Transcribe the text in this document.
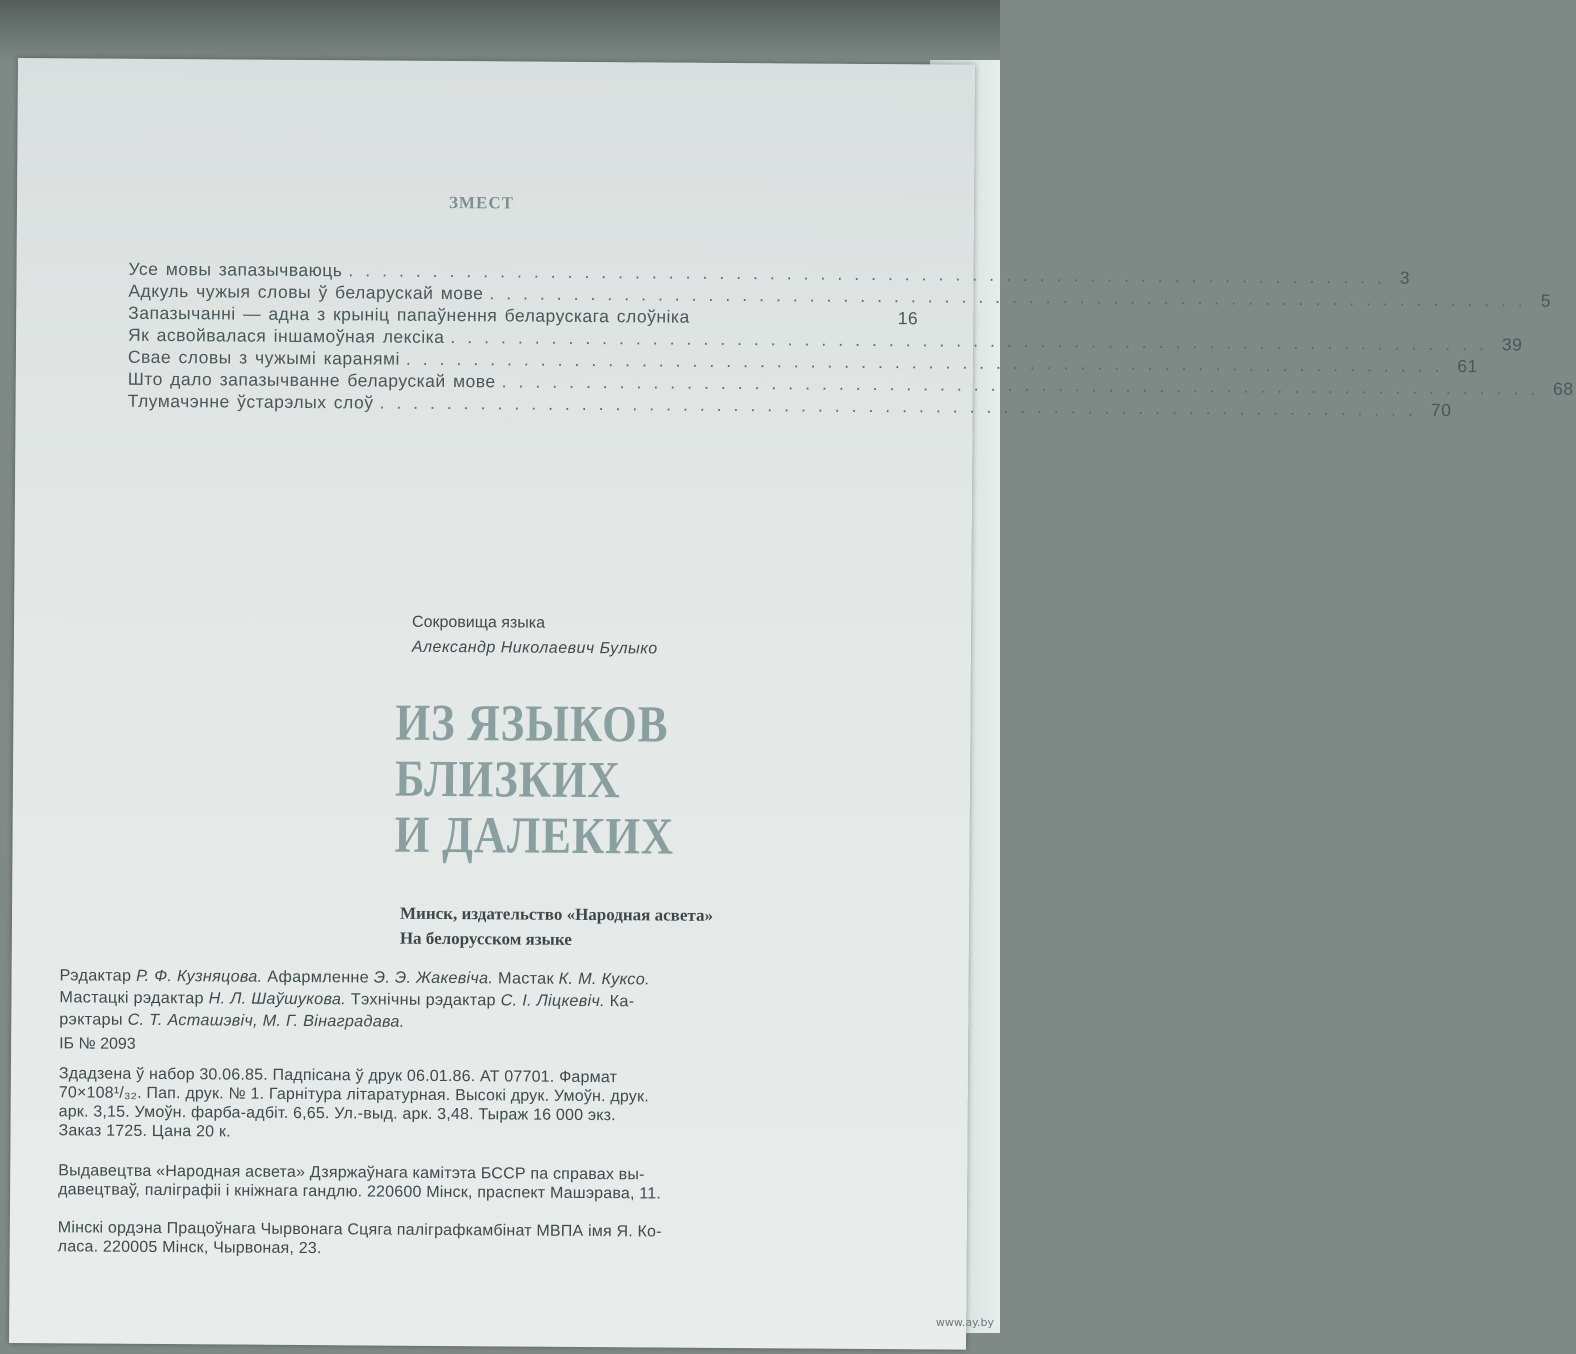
ЗМЕСТ
Усе мовы запазычваюць .............................................................. 3
Адкуль чужыя словы ў беларускай мове .............................................................. 5
Запазычанні — адна з крыніц папаўнення беларускага слоўніка	16
Як асвойвалася іншамоўная лексіка .............................................................. 39
Свае словы з чужымі каранямі .............................................................. 61
Што дало запазычванне беларускай мове .............................................................. 68
Тлумачэнне ўстарэлых слоў .............................................................. 70
Сокровища языка
Александр Николаевич Булыко
ИЗ ЯЗЫКОВ
БЛИЗКИХ
И ДАЛЕКИХ
Минск, издательство «Народная асвета»
На белорусском языке
Рэдактар Р. Ф. Кузняцова. Афармленне Э. Э. Жакевіча. Мастак К. М. Куксо.
Мастацкі рэдактар Н. Л. Шаўшукова. Тэхнічны рэдактар С. І. Ліцкевіч. Ка-
рэктары С. Т. Асташэвіч, М. Г. Вінаградава.
ІБ № 2093
Здадзена ў набор 30.06.85. Падпісана ў друк 06.01.86. АТ 07701. Фармат
70×108¹/₃₂. Пап. друк. № 1. Гарнітура літаратурная. Высокі друк. Умоўн. друк.
арк. 3,15. Умоўн. фарба-адбіт. 6,65. Ул.-выд. арк. 3,48. Тыраж 16 000 экз.
Заказ 1725. Цана 20 к.
Выдавецтва «Народная асвета» Дзяржаўнага камітэта БССР па справах вы-
давецтваў, паліграфіі і кніжнага гандлю. 220600 Мінск, праспект Машэрава, 11.
Мінскі ордэна Працоўнага Чырвонага Сцяга паліграфкамбінат МВПА імя Я. Ко-
ласа. 220005 Мінск, Чырвоная, 23.
www.ay.by
